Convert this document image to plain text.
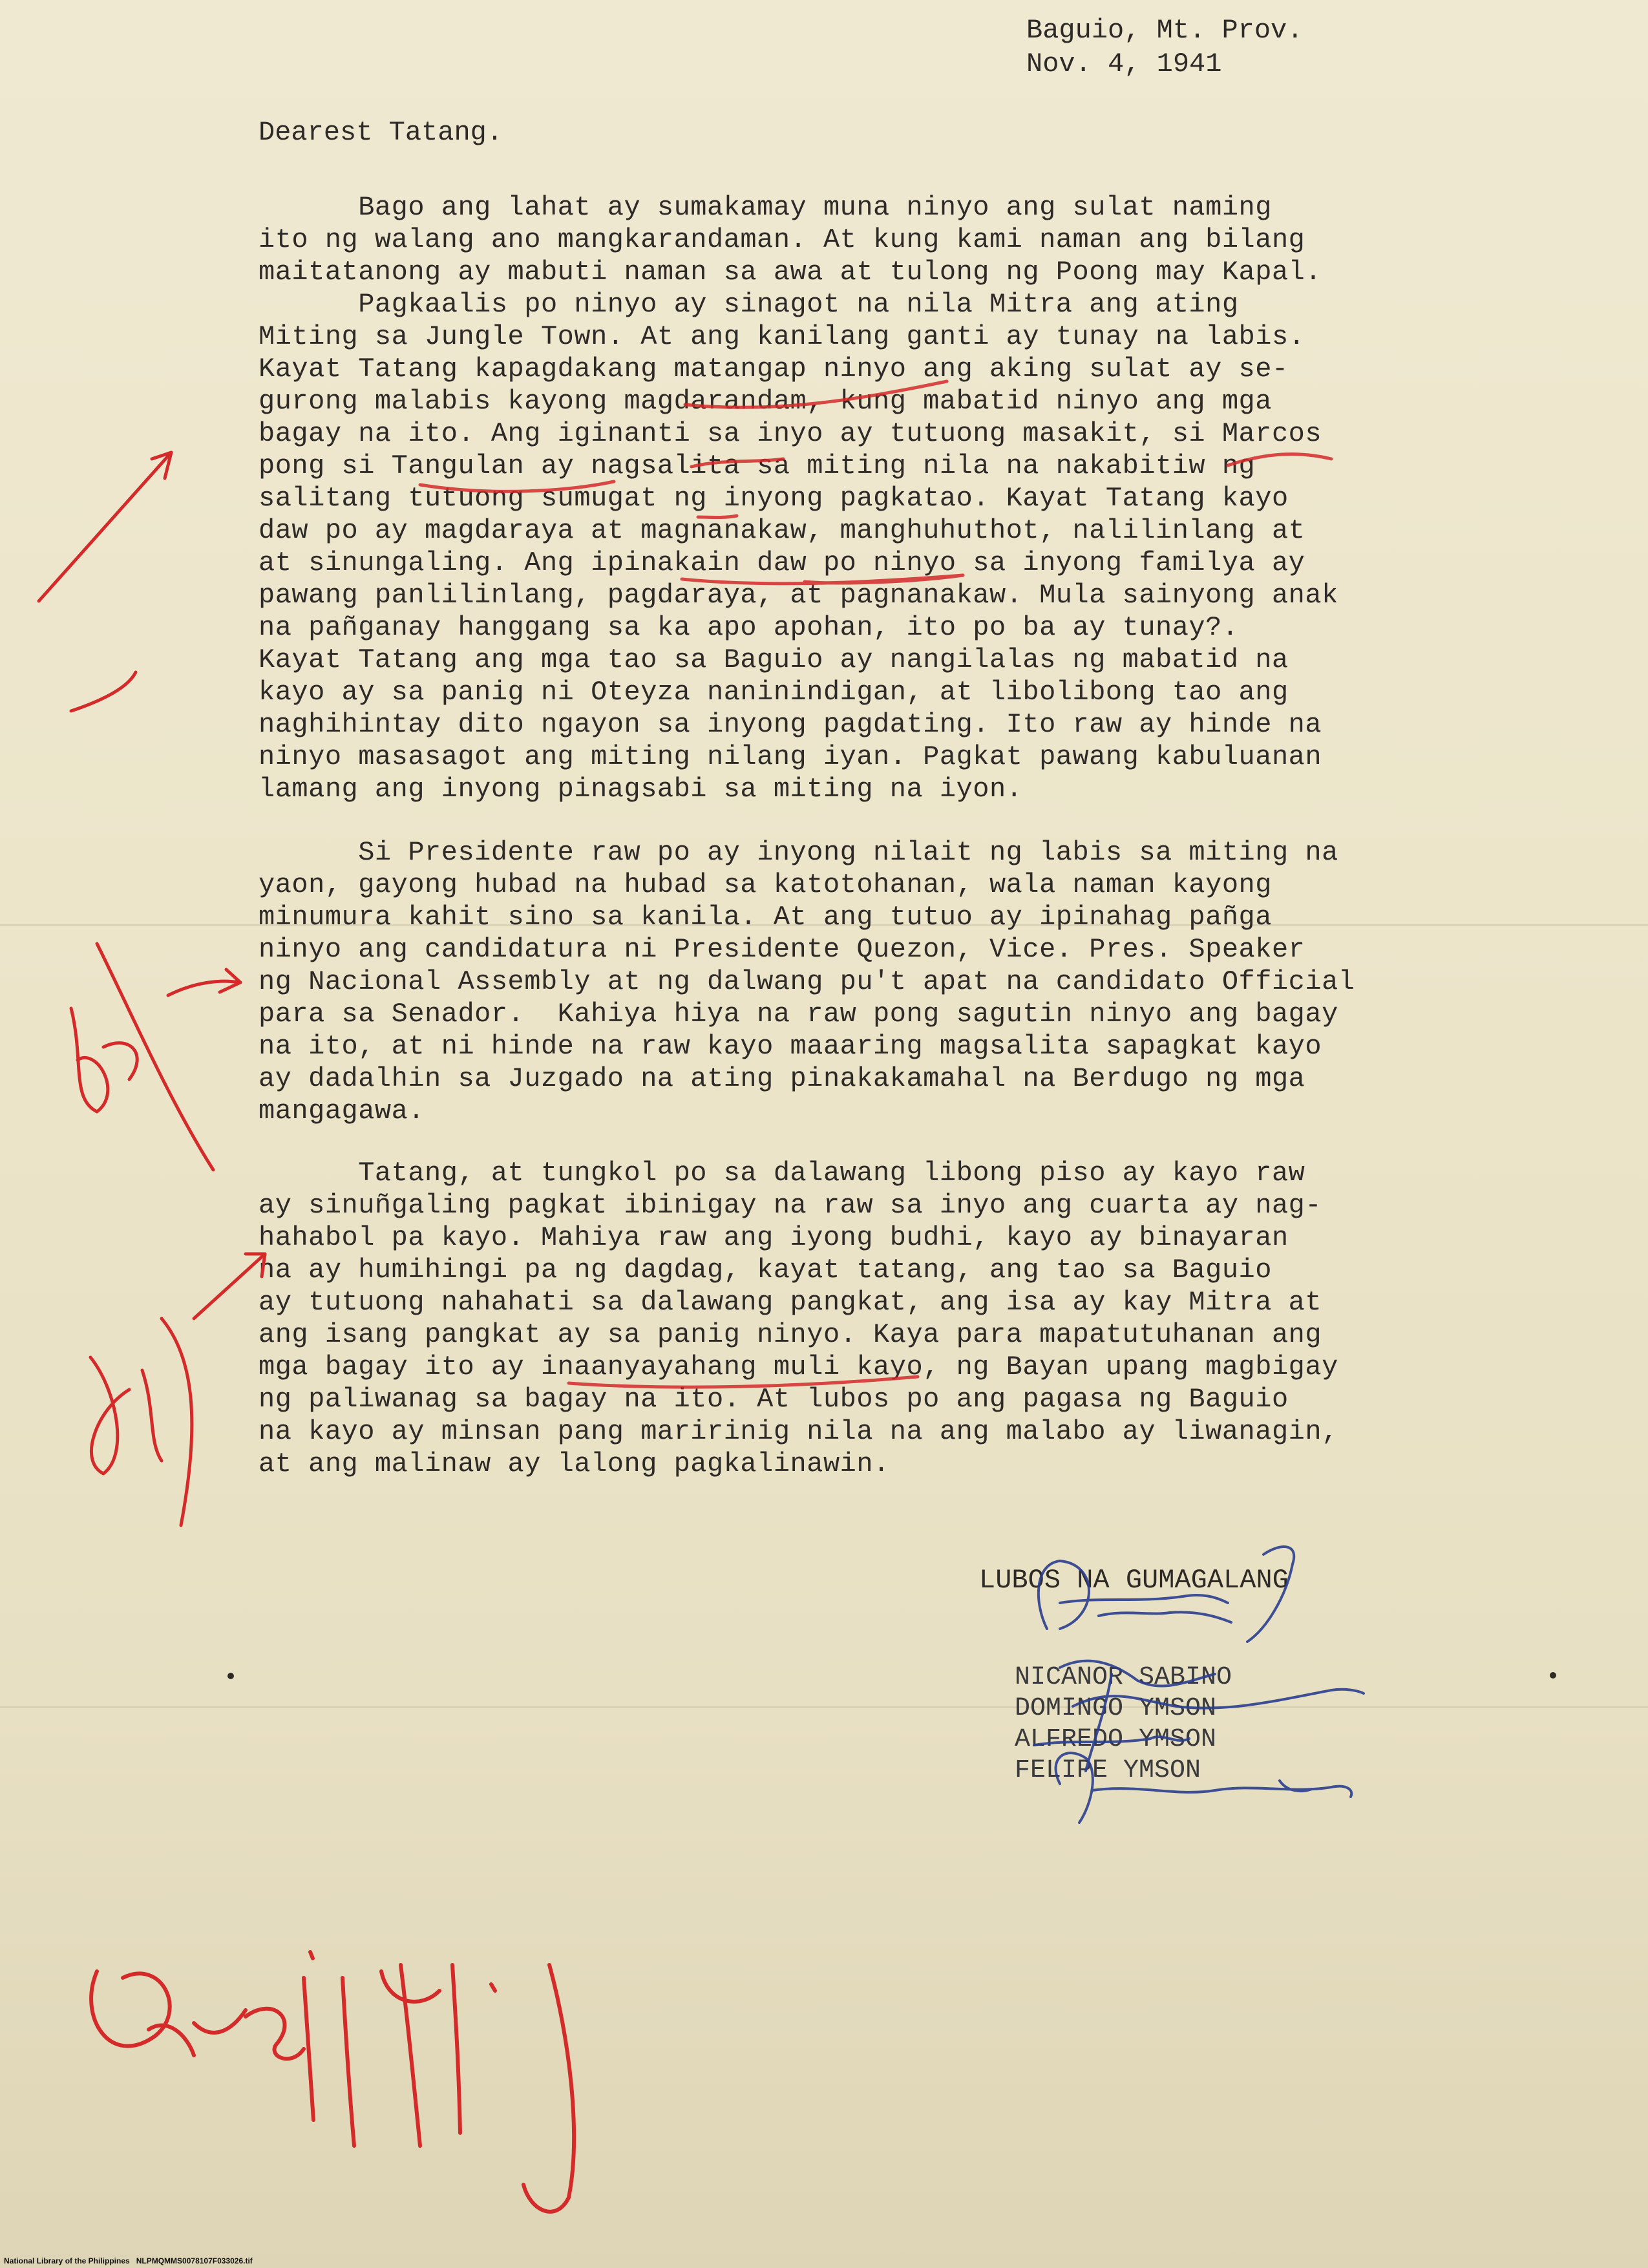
Baguio, Mt. Prov.
Nov. 4, 1941
Dearest Tatang.
Bago ang lahat ay sumakamay muna ninyo ang sulat naming
ito ng walang ano mangkarandaman. At kung kami naman ang bilang
maitatanong ay mabuti naman sa awa at tulong ng Poong may Kapal.
Pagkaalis po ninyo ay sinagot na nila Mitra ang ating
Miting sa Jungle Town. At ang kanilang ganti ay tunay na labis.
Kayat Tatang kapagdakang matangap ninyo ang aking sulat ay se-
gurong malabis kayong magdarandam, kung mabatid ninyo ang mga
bagay na ito. Ang iginanti sa inyo ay tutuong masakit, si Marcos
pong si Tangulan ay nagsalita sa miting nila na nakabitiw ng
salitang tutuong sumugat ng inyong pagkatao. Kayat Tatang kayo
daw po ay magdaraya at magnanakaw, manghuhuthot, nalilinlang at
at sinungaling. Ang ipinakain daw po ninyo sa inyong familya ay
pawang panlilinlang, pagdaraya, at pagnanakaw. Mula sainyong anak
na pañganay hanggang sa ka apo apohan, ito po ba ay tunay?.
Kayat Tatang ang mga tao sa Baguio ay nangilalas ng mabatid na
kayo ay sa panig ni Oteyza naninindigan, at libolibong tao ang
naghihintay dito ngayon sa inyong pagdating. Ito raw ay hinde na
ninyo masasagot ang miting nilang iyan. Pagkat pawang kabuluanan
lamang ang inyong pinagsabi sa miting na iyon.
Si Presidente raw po ay inyong nilait ng labis sa miting na
yaon, gayong hubad na hubad sa katotohanan, wala naman kayong
minumura kahit sino sa kanila. At ang tutuo ay ipinahag pañga
ninyo ang candidatura ni Presidente Quezon, Vice. Pres. Speaker
ng Nacional Assembly at ng dalwang pu't apat na candidato Official
para sa Senador.  Kahiya hiya na raw pong sagutin ninyo ang bagay
na ito, at ni hinde na raw kayo maaaring magsalita sapagkat kayo
ay dadalhin sa Juzgado na ating pinakakamahal na Berdugo ng mga
mangagawa.
Tatang, at tungkol po sa dalawang libong piso ay kayo raw
ay sinuñgaling pagkat ibinigay na raw sa inyo ang cuarta ay nag-
hahabol pa kayo. Mahiya raw ang iyong budhi, kayo ay binayaran
na ay humihingi pa ng dagdag, kayat tatang, ang tao sa Baguio
ay tutuong nahahati sa dalawang pangkat, ang isa ay kay Mitra at
ang isang pangkat ay sa panig ninyo. Kaya para mapatutuhanan ang
mga bagay ito ay inaanyayahang muli kayo, ng Bayan upang magbigay
ng paliwanag sa bagay na ito. At lubos po ang pagasa ng Baguio
na kayo ay minsan pang maririnig nila na ang malabo ay liwanagin,
at ang malinaw ay lalong pagkalinawin.
LUBOS NA GUMAGALANG
NICANOR SABINO
DOMINGO YMSON
ALFREDO YMSON
FELIPE YMSON
National Library of the Philippines NLPMQMMS0078107F033026.tif
